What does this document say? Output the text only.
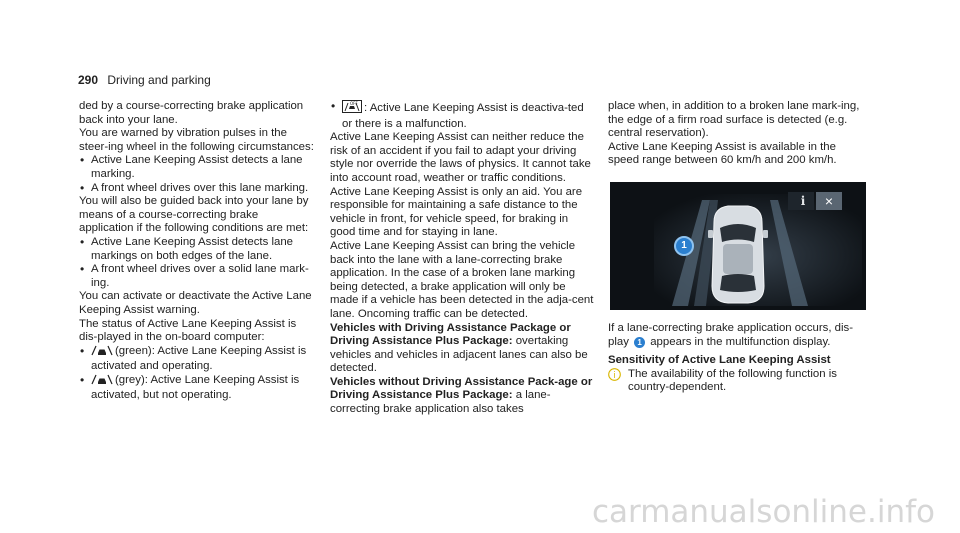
290 Driving and parking

ded by a course-correcting brake application back into your lane.

You are warned by vibration pulses in the steer-ing wheel in the following circumstances:

• Active Lane Keeping Assist detects a lane marking.
• A front wheel drives over this lane marking.

You will also be guided back into your lane by means of a course-correcting brake application if the following conditions are met:

• Active Lane Keeping Assist detects lane markings on both edges of the lane.
• A front wheel drives over a solid lane mark-ing.

You can activate or deactivate the Active Lane Keeping Assist warning.

The status of Active Lane Keeping Assist is dis-played in the on-board computer:

• (green): Active Lane Keeping Assist is activated and operating.
• (grey): Active Lane Keeping Assist is activated, but not operating.
• OFF : Active Lane Keeping Assist is deactiva-ted or there is a malfunction.

Active Lane Keeping Assist can neither reduce the risk of an accident if you fail to adapt your driving style nor override the laws of physics. It cannot take into account road, weather or traffic conditions. Active Lane Keeping Assist is only an aid. You are responsible for maintaining a safe distance to the vehicle in front, for vehicle speed, for braking in good time and for staying in lane.

Active Lane Keeping Assist can bring the vehicle back into the lane with a lane-correcting brake application. In the case of a broken lane marking being detected, a brake application will only be made if a vehicle has been detected in the adja-cent lane. Oncoming traffic can be detected.

Vehicles with Driving Assistance Package or Driving Assistance Plus Package: overtaking vehicles and vehicles in adjacent lanes can also be detected.

Vehicles without Driving Assistance Pack-age or Driving Assistance Plus Package: a lane-correcting brake application also takes

place when, in addition to a broken lane mark-ing, the edge of a firm road surface is detected (e.g. central reservation).

Active Lane Keeping Assist is available in the speed range between 60 km/h and 200 km/h.

i	×
1

If a lane-correcting brake application occurs, dis-play 1 appears in the multifunction display.

Sensitivity of Active Lane Keeping Assist

i The availability of the following function is country-dependent.
carmanualsonline.info
